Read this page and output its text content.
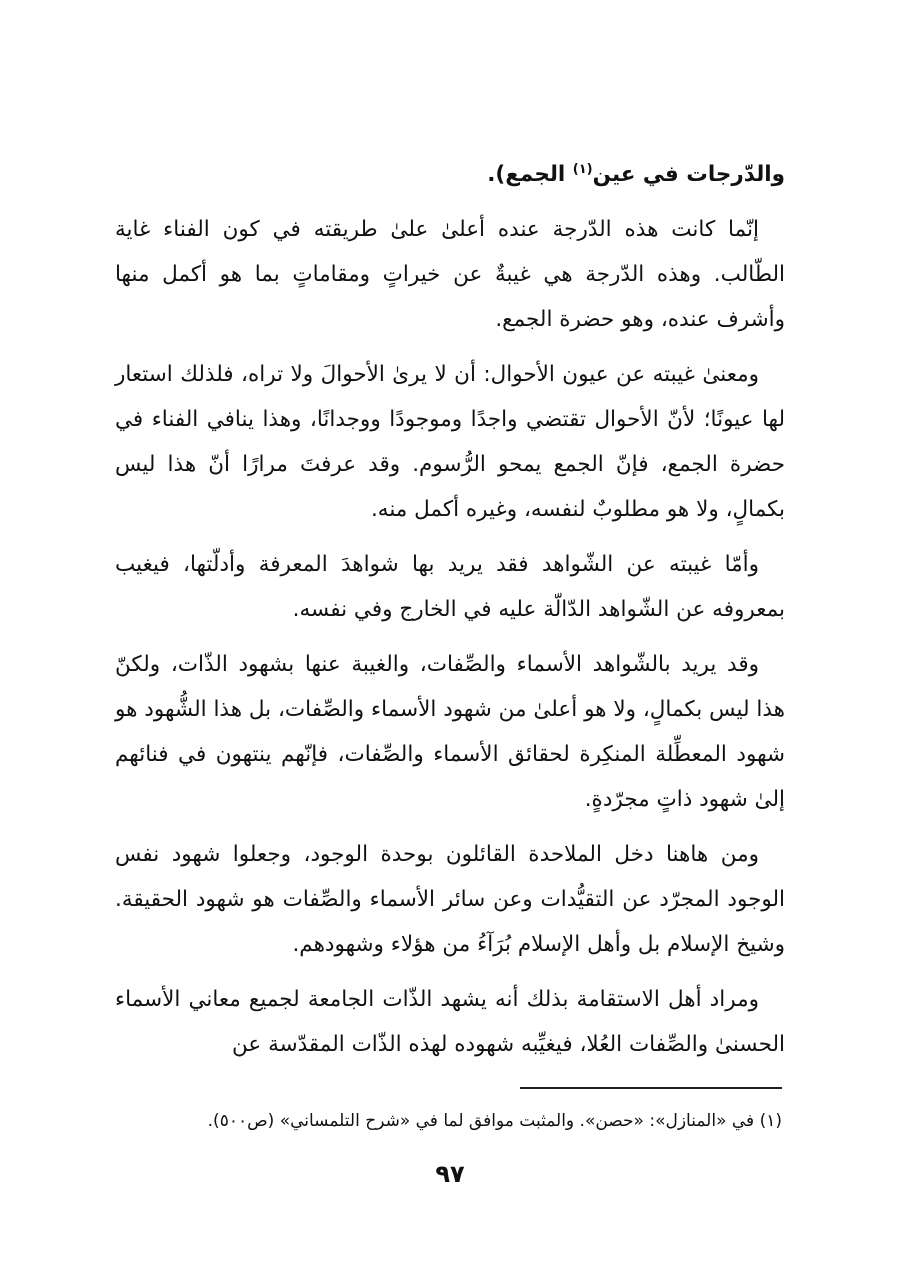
والدّرجات في عين$^{(١)}$ الجمع).

إنّما كانت هذه الدّرجة عنده أعلىٰ علىٰ طريقته في كون الفناء غاية الطّالب. وهذه الدّرجة هي غيبةٌ عن خيراتٍ ومقاماتٍ بما هو أكمل منها وأشرف عنده، وهو حضرة الجمع.

ومعنىٰ غيبته عن عيون الأحوال: أن لا يرىٰ الأحوالَ ولا تراه، فلذلك استعار لها عيونًا؛ لأنّ الأحوال تقتضي واجدًا وموجودًا ووجدانًا، وهذا ينافي الفناء في حضرة الجمع، فإنّ الجمع يمحو الرُّسوم. وقد عرفتَ مرارًا أنّ هذا ليس بكمالٍ، ولا هو مطلوبٌ لنفسه، وغيره أكمل منه.

وأمّا غيبته عن الشّواهد فقد يريد بها شواهدَ المعرفة وأدلّتها، فيغيب بمعروفه عن الشّواهد الدّالّة عليه في الخارج وفي نفسه.

وقد يريد بالشّواهد الأسماء والصِّفات، والغيبة عنها بشهود الذّات، ولكنّ هذا ليس بكمالٍ، ولا هو أعلىٰ من شهود الأسماء والصِّفات، بل هذا الشُّهود هو شهود المعطِّلة المنكِرة لحقائق الأسماء والصِّفات، فإنّهم ينتهون في فنائهم إلىٰ شهود ذاتٍ مجرّدةٍ.

ومن هاهنا دخل الملاحدة القائلون بوحدة الوجود، وجعلوا شهود نفس الوجود المجرّد عن التقيُّدات وعن سائر الأسماء والصِّفات هو شهود الحقيقة. وشيخ الإسلام بل وأهل الإسلام بُرَآءُ من هؤلاء وشهودهم.

ومراد أهل الاستقامة بذلك أنه يشهد الذّات الجامعة لجميع معاني الأسماء الحسنىٰ والصِّفات العُلا، فيغيِّبه شهوده لهذه الذّات المقدّسة عن

(١) في «المنازل»: «حصن». والمثبت موافق لما في «شرح التلمساني» (ص٥٠٠).
٩٧
